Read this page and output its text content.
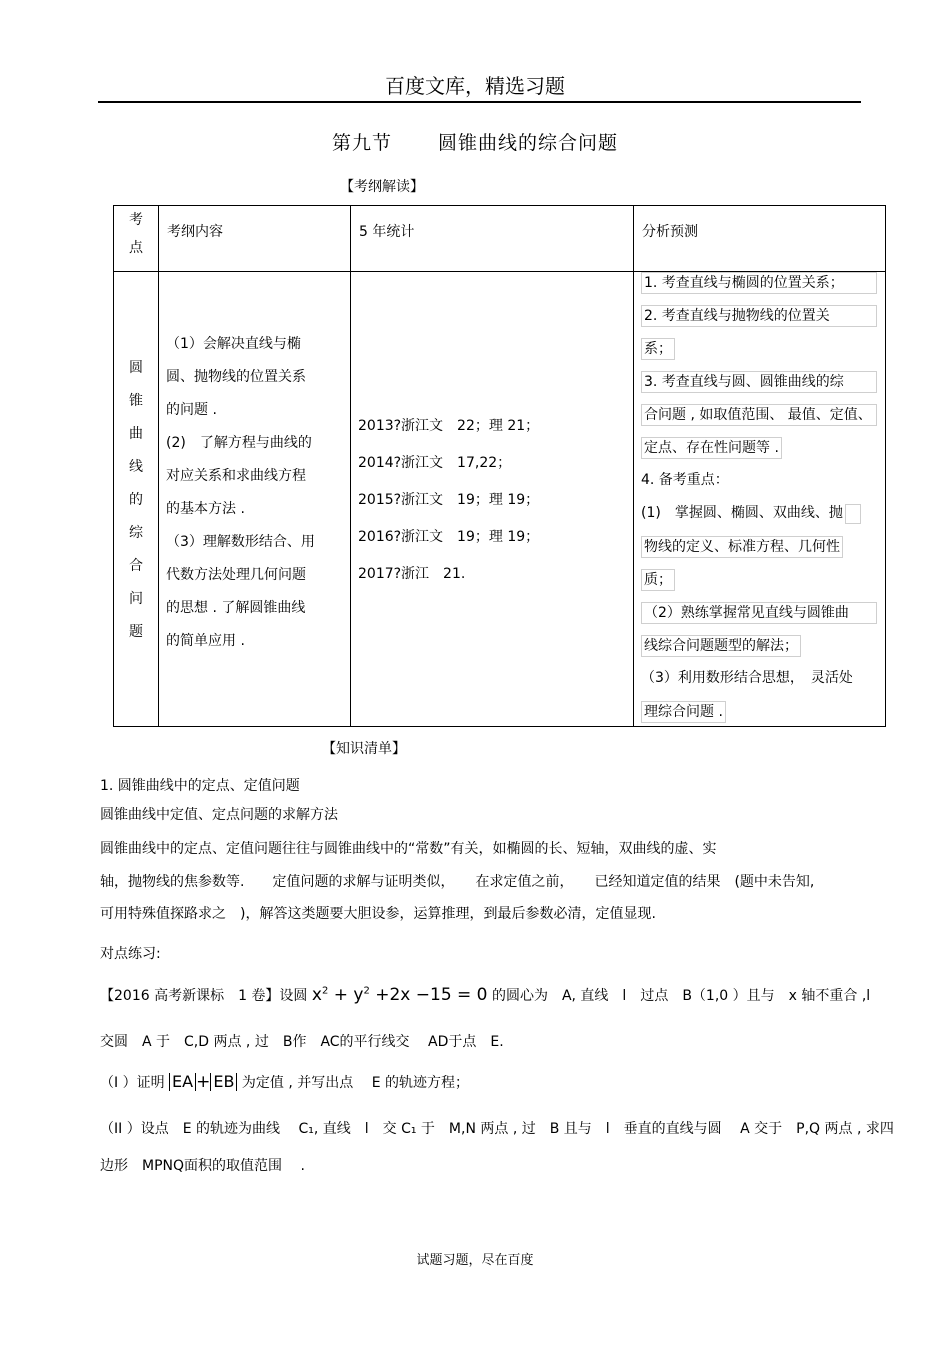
百度文库，精选习题
第九节 圆锥曲线的综合问题
【考纲解读】
考
点
考纲内容	5 年统计	分析预测
圆
锥
曲
线
的
综
合
问
题
（1）会解决直线与椭
圆、抛物线的位置关系
的问题 .
(2)　了解方程与曲线的
对应关系和求曲线方程
的基本方法 .
（3）理解数形结合、用
代数方法处理几何问题
的思想 . 了解圆锥曲线
的简单应用 .
2013?浙江文　22；理 21；
2014?浙江文　17,22；
2015?浙江文　19；理 19；
2016?浙江文　19；理 19；
2017?浙江　21.
1. 考查直线与椭圆的位置关系；
2. 考查直线与抛物线的位置关
系；
3. 考查直线与圆、圆锥曲线的综
合问题 , 如取值范围、 最值、定值、
定点、存在性问题等 .
4. 备考重点：
(1)　掌握圆、椭圆、双曲线、抛
物线的定义、标准方程、几何性
质；
（2）熟练掌握常见直线与圆锥曲
线综合问题题型的解法；
（3）利用数形结合思想，　灵活处
理综合问题 .
【知识清单】
1. 圆锥曲线中的定点、定值问题
圆锥曲线中定值、定点问题的求解方法
圆锥曲线中的定点、定值问题往往与圆锥曲线中的“常数”有关，如椭圆的长、短轴，双曲线的虚、实
轴，抛物线的焦参数等.　　定值问题的求解与证明类似，　　在求定值之前，　　已经知道定值的结果　(题中未告知,
可用特殊值探路求之　)，解答这类题要大胆设参，运算推理，到最后参数必清，定值显现.
对点练习:
【2016 高考新课标　1 卷】设圆 $x^2 + y^2 +2x -15 = 0$ 的圆心为　A, 直线　l　过点　B（1,0 ）且与　x 轴不重合 ,l
交圆　A 于　C,D 两点 , 过　B作　AC的平行线交　 AD于点　E.
（I ）证明 EA + EB 为定值 , 并写出点　 E 的轨迹方程；
（II ）设点　E 的轨迹为曲线　 C₁, 直线　l　交 C₁ 于　M,N 两点 , 过　B 且与　l　垂直的直线与圆　 A 交于　P,Q 两点 , 求四
边形　MPNQ面积的取值范围　 .
试题习题，尽在百度
